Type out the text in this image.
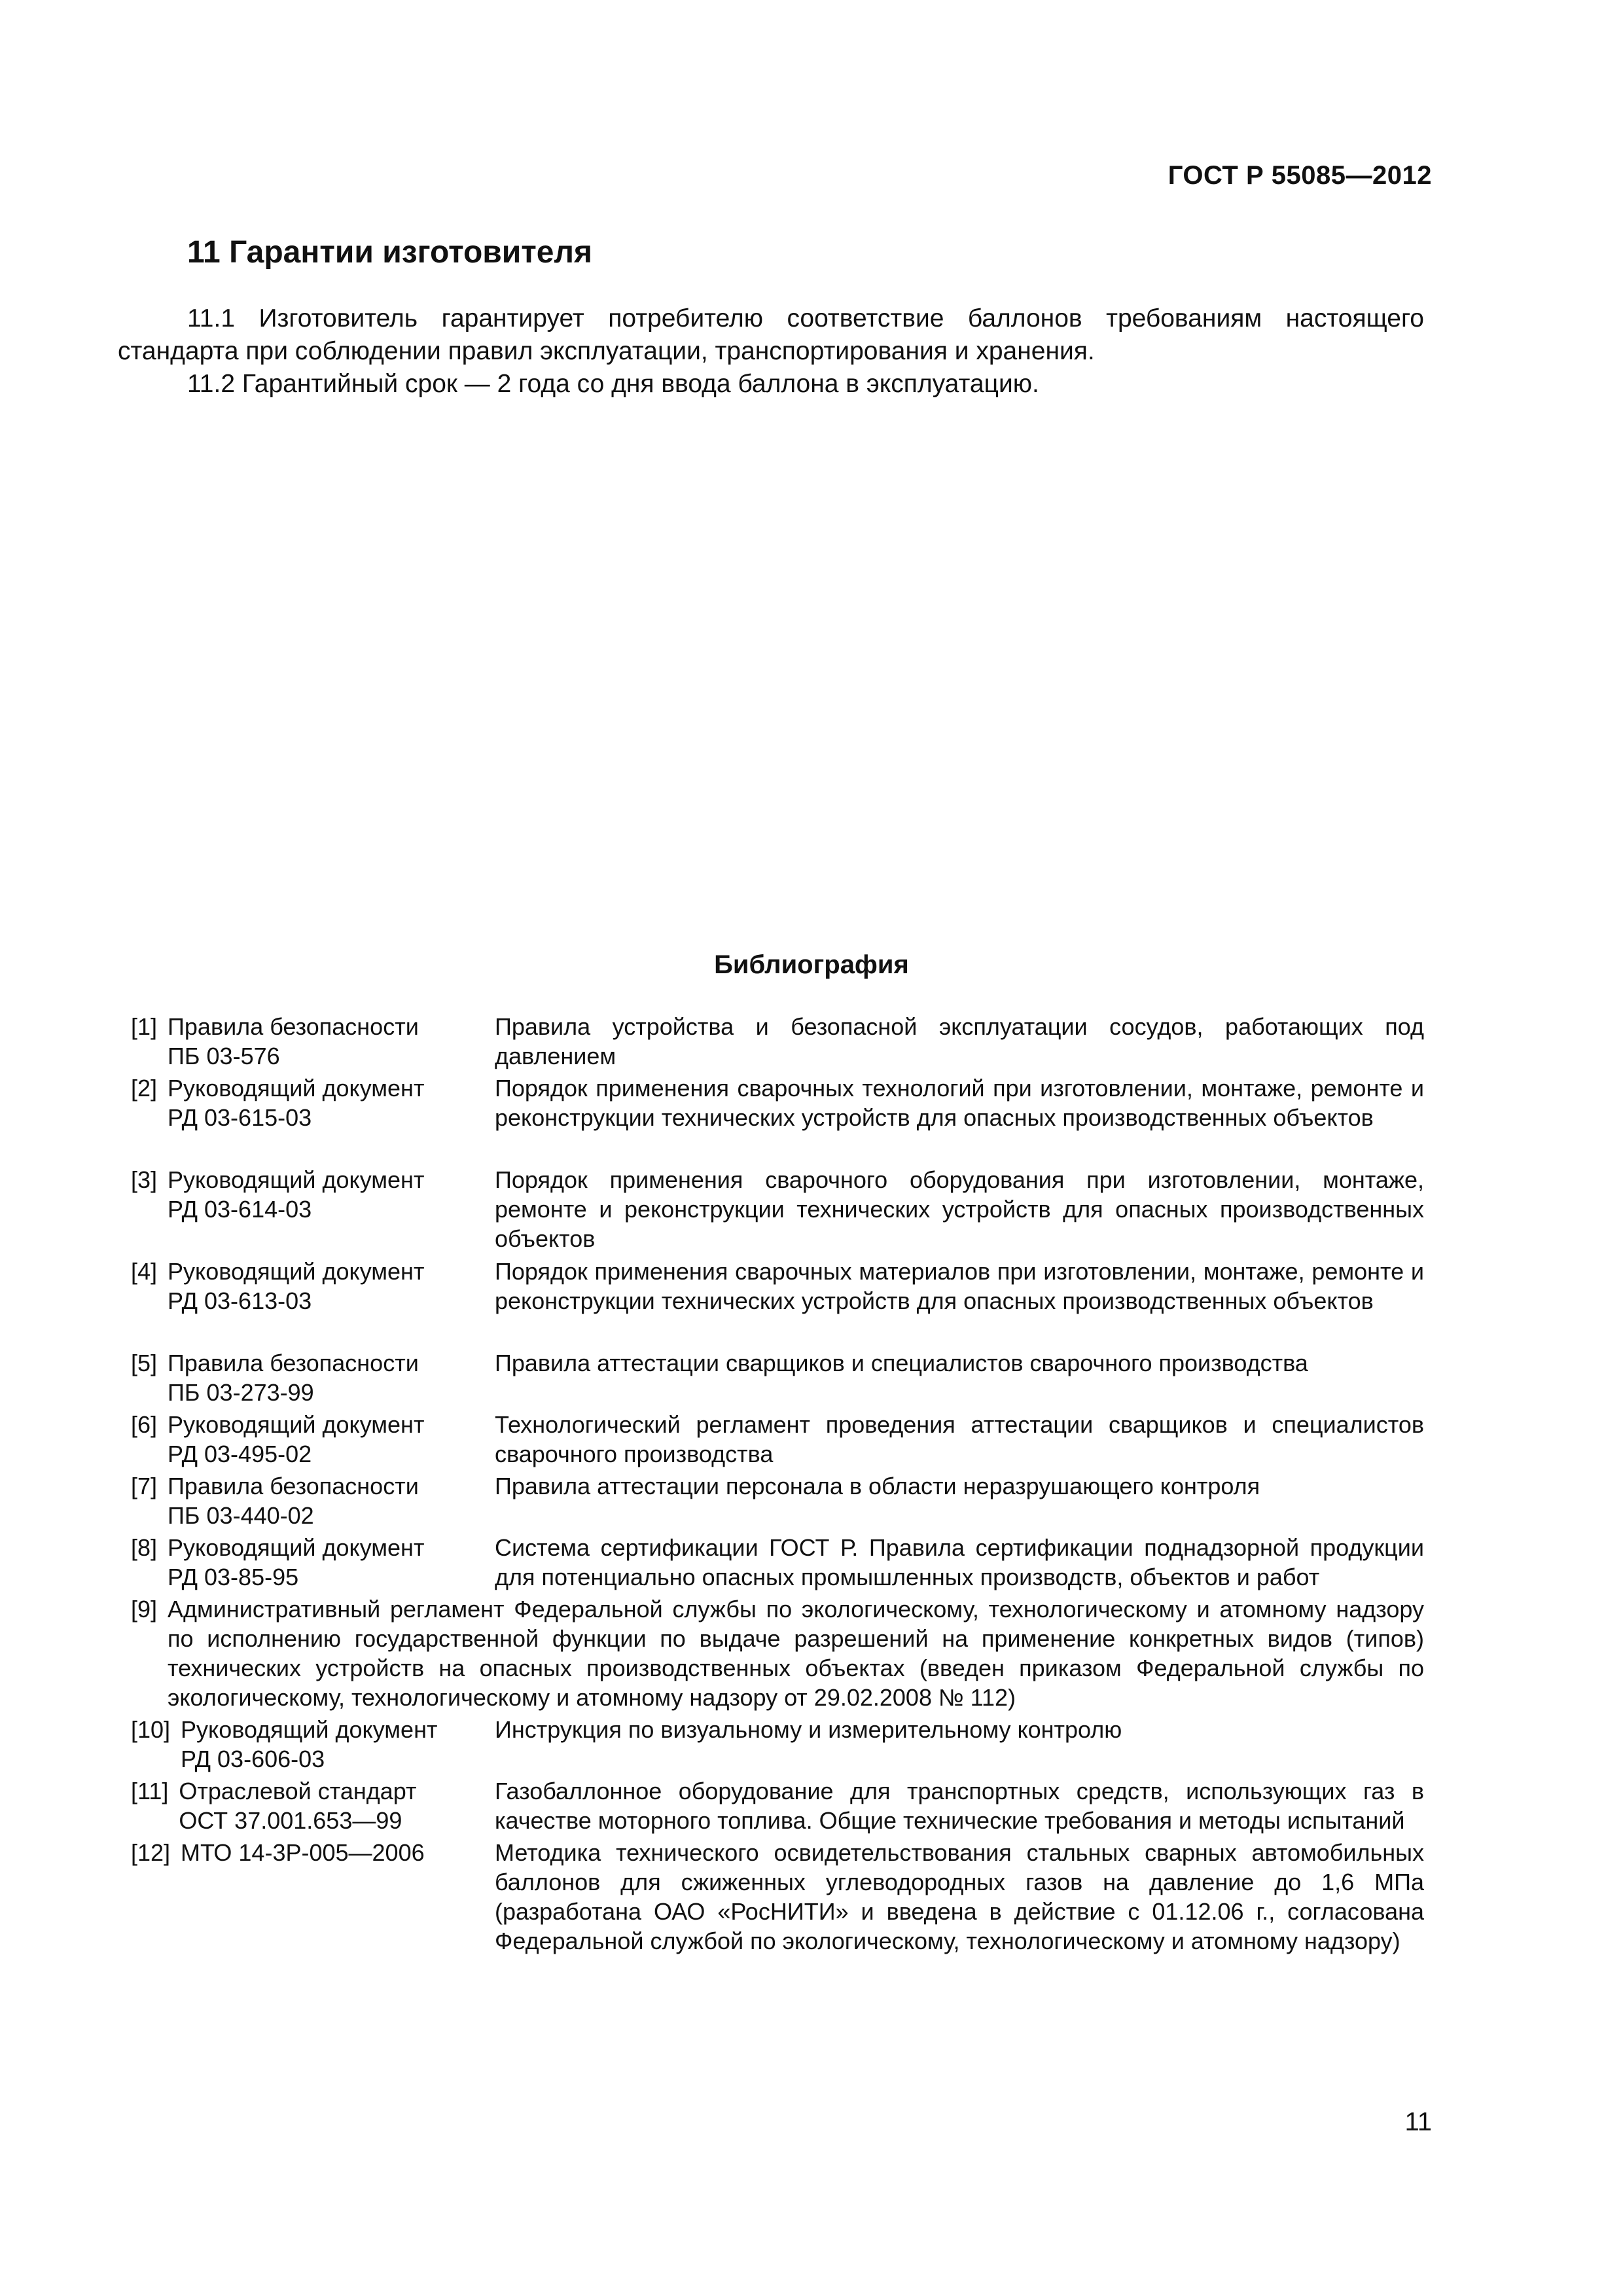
ГОСТ Р 55085—2012
11 Гарантии изготовителя

11.1 Изготовитель гарантирует потребителю соответствие баллонов требованиям настоящего стандарта при соблюдении правил эксплуатации, транспортирования и хранения.

11.2 Гарантийный срок — 2 года со дня ввода баллона в эксплуатацию.

Библиография
[1] Правила безопасности
ПБ 03-576
Правила устройства и безопасной эксплуатации сосудов, работающих под давлением
[2] Руководящий документ
РД 03-615-03
Порядок применения сварочных технологий при изготовлении, монтаже, ремонте и реконструкции технических устройств для опасных производственных объектов
[3] Руководящий документ
РД 03-614-03
Порядок применения сварочного оборудования при изготовлении, монтаже, ремонте и реконструкции технических устройств для опасных производственных объектов
[4] Руководящий документ
РД 03-613-03
Порядок применения сварочных материалов при изготовлении, монтаже, ремонте и реконструкции технических устройств для опасных производственных объектов
[5] Правила безопасности
ПБ 03-273-99
Правила аттестации сварщиков и специалистов сварочного производства
[6] Руководящий документ
РД 03-495-02
Технологический регламент проведения аттестации сварщиков и специалистов сварочного производства
[7] Правила безопасности
ПБ 03-440-02
Правила аттестации персонала в области неразрушающего контроля
[8] Руководящий документ
РД 03-85-95
Система сертификации ГОСТ Р. Правила сертификации поднадзорной продукции для потенциально опасных промышленных производств, объектов и работ
[9] Административный регламент Федеральной службы по экологическому, технологическому и атомному надзору по исполнению государственной функции по выдаче разрешений на применение конкретных видов (типов) технических устройств на опасных производственных объектах (введен приказом Федеральной службы по экологическому, технологическому и атомному надзору от 29.02.2008 № 112)
[10] Руководящий документ
РД 03-606-03
Инструкция по визуальному и измерительному контролю
[11] Отраслевой стандарт
ОСТ 37.001.653—99
Газобаллонное оборудование для транспортных средств, использующих газ в качестве моторного топлива. Общие технические требования и методы испытаний
[12] МТО 14-3Р-005—2006	Методика технического освидетельствования стальных сварных автомобильных баллонов для сжиженных углеводородных газов на давление до 1,6 МПа (разработана ОАО «РосНИТИ» и введена в действие с 01.12.06 г., согласована Федеральной службой по экологическому, технологическому и атомному надзору)
11
